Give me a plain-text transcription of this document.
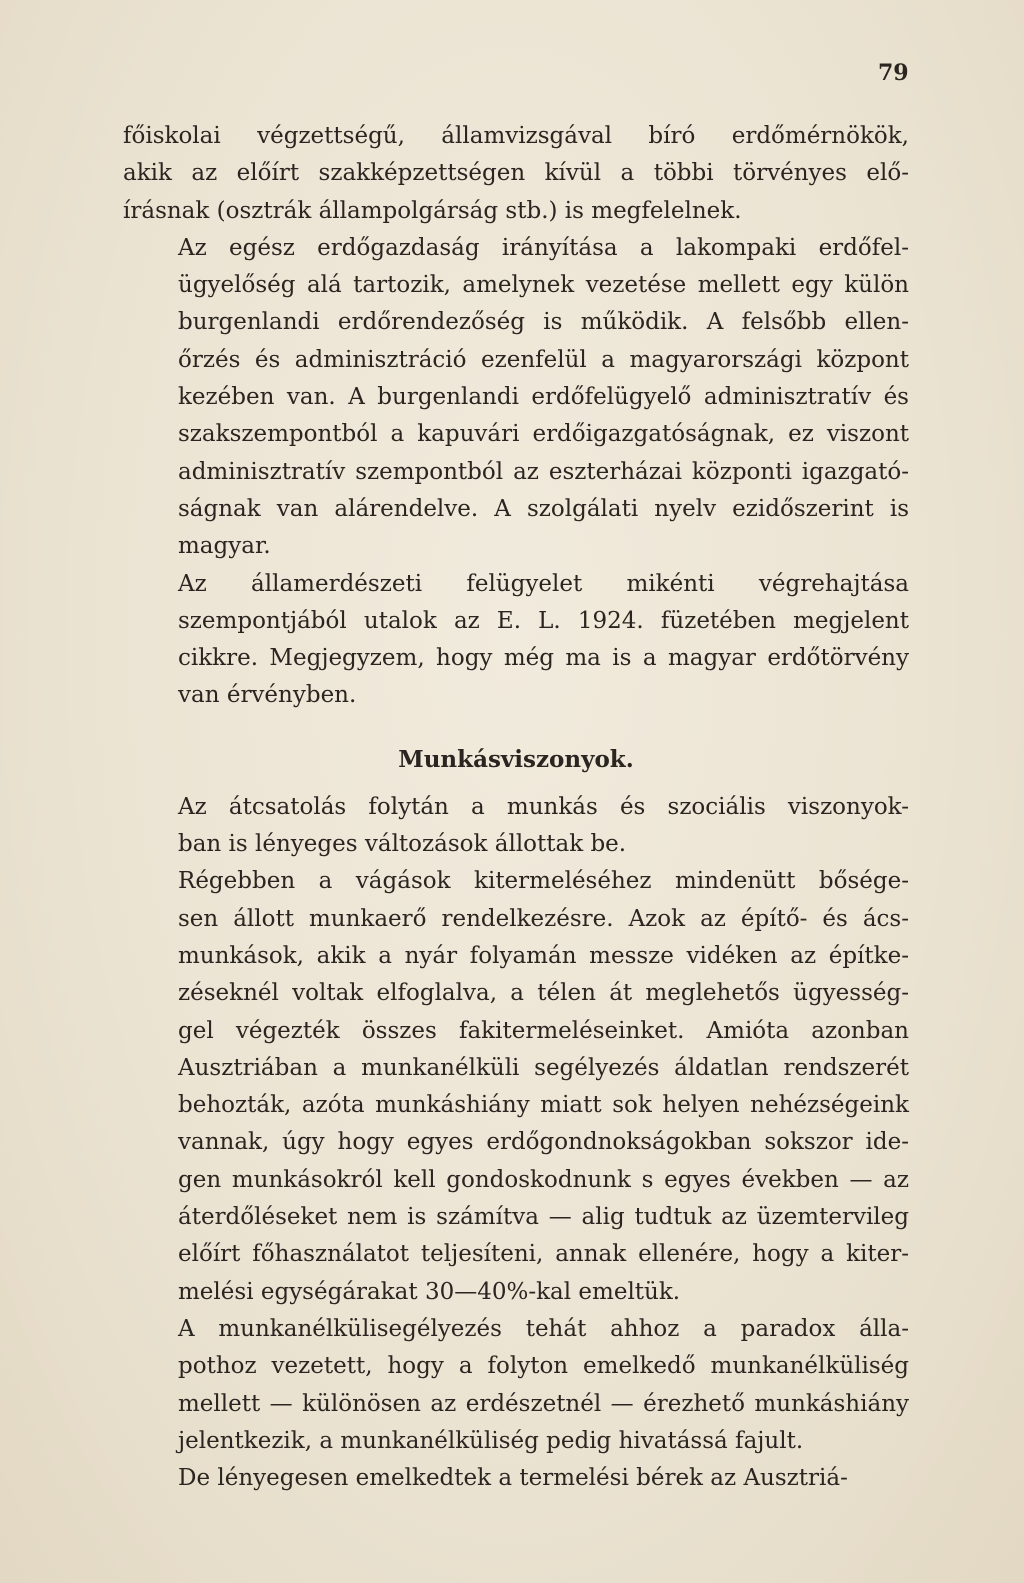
79

főiskolai végzettségű, államvizsgával bíró erdőmérnökök,
akik az előírt szakképzettségen kívül a többi törvényes elő-
írásnak (osztrák állampolgárság stb.) is megfelelnek.

Az egész erdőgazdaság irányítása a lakompaki erdőfel-
ügyelőség alá tartozik, amelynek vezetése mellett egy külön
burgenlandi erdőrendezőség is működik. A felsőbb ellen-
őrzés és adminisztráció ezenfelül a magyarországi központ
kezében van. A burgenlandi erdőfelügyelő adminisztratív és
szakszempontból a kapuvári erdőigazgatóságnak, ez viszont
adminisztratív szempontból az eszterházai központi igazgató-
ságnak van alárendelve. A szolgálati nyelv ezidőszerint is
magyar.

Az államerdészeti felügyelet mikénti végrehajtása
szempontjából utalok az E. L. 1924. füzetében megjelent
cikkre. Megjegyzem, hogy még ma is a magyar erdőtörvény
van érvényben.

Munkásviszonyok.

Az átcsatolás folytán a munkás és szociális viszonyok-
ban is lényeges változások állottak be.

Régebben a vágások kitermeléséhez mindenütt bősége-
sen állott munkaerő rendelkezésre. Azok az építő- és ács-
munkások, akik a nyár folyamán messze vidéken az építke-
zéseknél voltak elfoglalva, a télen át meglehetős ügyesség-
gel végezték összes fakitermeléseinket. Amióta azonban
Ausztriában a munkanélküli segélyezés áldatlan rendszerét
behozták, azóta munkáshiány miatt sok helyen nehézségeink
vannak, úgy hogy egyes erdőgondnokságokban sokszor ide-
gen munkásokról kell gondoskodnunk s egyes években — az
áterdőléseket nem is számítva — alig tudtuk az üzemtervileg
előírt főhasználatot teljesíteni, annak ellenére, hogy a kiter-
melési egységárakat 30—40%-kal emeltük.

A munkanélkülisegélyezés tehát ahhoz a paradox álla-
pothoz vezetett, hogy a folyton emelkedő munkanélküliség
mellett — különösen az erdészetnél — érezhető munkáshiány
jelentkezik, a munkanélküliség pedig hivatássá fajult.

De lényegesen emelkedtek a termelési bérek az Ausztriá-
